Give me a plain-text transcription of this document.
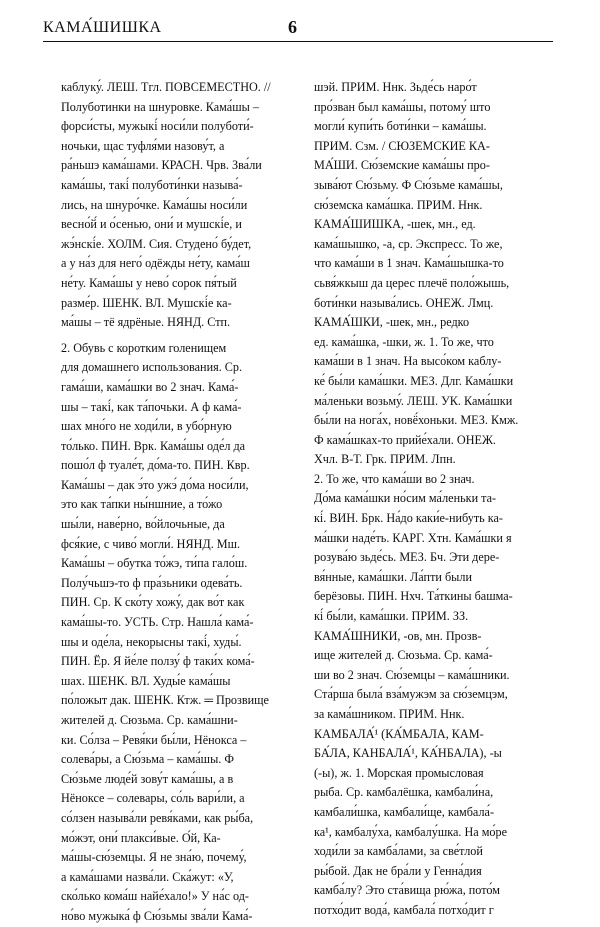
КАМА́ШИШКА	6
каблуку́. ЛЕШ. Тгл. ПОВСЕМЕСТНО. //
Полуботинки на шнуровке. Кама́шы –
форси́сты, мужыкі́ носи́ли полуботи́-
ночьки, щас туфля́ми назову́т, а
ра́ньшэ кама́шами. КРАСН. Чрв. Зва́ли
кама́шы, такі́ полуботи́нки называ́-
лись, на шнуро́чке. Кама́шы носи́ли
весно́й́ и о́сенью, они́ и мушскі́е, и
жэ́нскі́е. ХОЛМ. Сия. Студено́ бу́дет,
а у на́з для него́ одёжды не́ту, кама́ш
не́ту. Кама́шы у нево́ сорок пя́тый
разме́р. ШЕНК. ВЛ. Мушскі́е ка-
ма́шы – тё ядрёные. НЯНД. Стп.
2. Обувь с коротким голенищем
для домашнего использования. Ср.
гама́ши, кама́шки во 2 знач. Кама́-
шы – такі́, как та́почьки. А ф кама́-
шах мно́го не ходи́ли, в убо́рную
то́лько. ПИН. Врк. Кама́шы оде́л да
пошо́л ф туале́т, до́ма-то. ПИН. Квр.
Кама́шы – дак э́то ужэ́ до́ма носи́ли,
это как та́пки ны́ншние, а то́жо
шы́ли, наве́рно, во́йлочьные, да
фся́кие, с чиво́ могли́. НЯНД. Мш.
Кама́шы – обутка то́жэ, ти́па гало́ш.
Полу́чьшэ-то ф пра́зьники одева́ть.
ПИН. Ср. К ско́ту хожу́, дак во́т как
кама́шы-то. УСТЬ. Стр. Нашла́ кама́-
шы и оде́ла, некорысны такі́, худы́.
ПИН. Ёр. Я йе́ле ползу́ ф таки́х кома́-
шах. ШЕНК. ВЛ. Худы́е кама́шы
по́ложыт дак. ШЕНК. Ктж. ═ Прозвище
жителей д. Сюзьма. Ср. кама́шни-
ки. Со́лза – Ревя́ки бы́ли, Нёнокса –
солева́ры, а Сю́зьма – кама́шы. Ф
Сю́зьме люде́й зову́т кама́шы, а в
Нёноксе – солевары, со́ль вари́ли, а
со́лзен называ́ли ревя́ками, как ры́ба,
мо́жэт, они́ плакси́вые. О́й, Ка-
ма́шы-сю́земцы. Я не зна́ю, почему́,
а кама́шами назва́ли. Ска́жут: «У,
ско́лько кома́ш найе́хало!» У на́с од-
но́во мужыка́ ф Сю́зьмы зва́ли Кама́-
шэй. ПРИМ. Ннк. Зьде́сь наро́т
про́зван был кама́шы, потому́ што
могли́ купи́ть боти́нки – кама́шы.
ПРИМ. Сзм. / СЮЗЕМСКИЕ КА-
МА́ШИ. Сю́земские кама́шы про-
зыва́ют Сю́зьму. Ф Сю́зьме кама́шы,
сю́земска кама́шка. ПРИМ. Ннк.
КАМА́ШИШКА, -шек, мн., ед.
кама́шышко, -а, ср. Экспресс. То же,
что кама́ши в 1 знач. Кама́шышка-то
сьвя́жкыш да церес плечё поло́жышь,
боти́нки называ́лись. ОНЕЖ. Лмц.
КАМА́ШКИ, -шек, мн., редко
ед. кама́шка, -шки, ж. 1. То же, что
кама́ши в 1 знач. На высо́ком каблу-
ке́ бы́ли кама́шки. МЕЗ. Длг. Кама́шки
ма́леньки возьму́. ЛЕШ. УК. Кама́шки
бы́ли на нога́х, новё́хоньки. МЕЗ. Кмж.
Ф кама́шках-то прийе́хали. ОНЕЖ.
Хчл. В-Т. Грк. ПРИМ. Лпн.
2. То же, что кама́ши во 2 знач.
До́ма кама́шки но́сим ма́леньки та-
кі́. ВИН. Брк. На́до каки́е-нибуть ка-
ма́шки наде́ть. КАРГ. Хтн. Кама́шки я
розува́ю зьде́сь. МЕЗ. Бч. Эти дере-
вя́нные, кама́шки. Ла́пти были
берёзовы. ПИН. Нхч. Та́ткины башма-
кі́ бы́ли, кама́шки. ПРИМ. ЗЗ.
КАМА́ШНИКИ, -ов, мн. Прозв-
ище жителей д. Сюзьма. Ср. кама́-
ши во 2 знач. Сю́земцы – кама́шники.
Ста́рша была́ вза́мужэм за сю́земцэм,
за кама́шником. ПРИМ. Ннк.
КАМБАЛА́¹ (КА́МБАЛА, КАМ-
БА́ЛА, КАНБАЛА́¹, КА́НБАЛА), -ы
(-ы), ж. 1. Морская промысловая
рыба. Ср. камбалёшка, камбали́на,
камбали́шка, камбали́ще, камбала́-
ка¹, камбалу́ха, камбалу́шка. На мо́ре
ходи́ли за камба́лами, за све́тлой
ры́бой. Дак не бра́ли у Генна́дия
камба́лу? Это ста́вища рю́жа, пото́м
потхо́дит вода́, камбала́ потхо́дит г
